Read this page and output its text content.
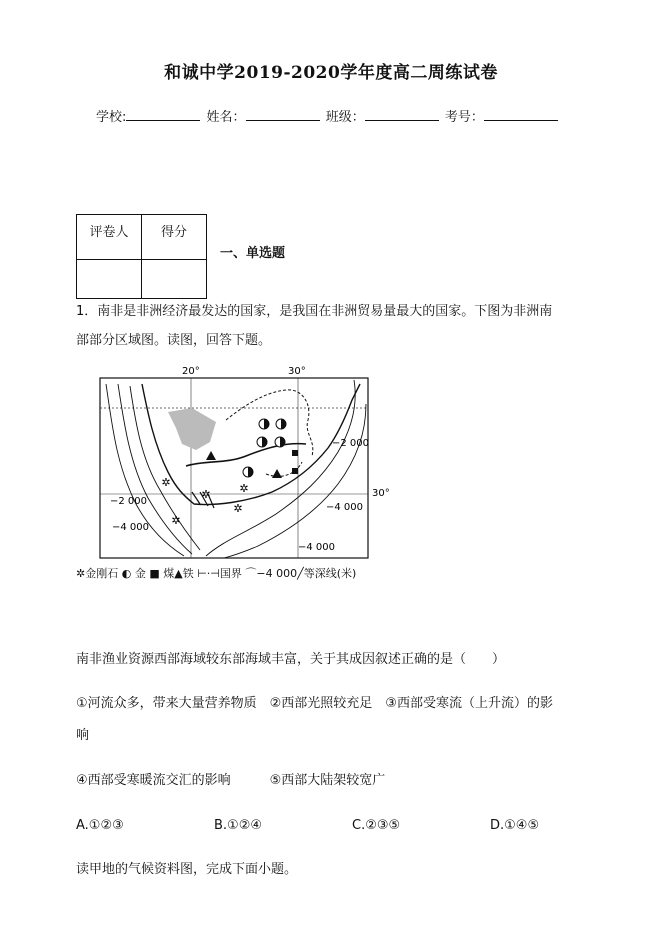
和诚中学2019-2020学年度高二周练试卷
学校:	姓名：	班级：	考号：
评卷人	得分

一、单选题
1．南非是非洲经济最发达的国家，是我国在非洲贸易量最大的国家。下图为非洲南
部部分区域图。读图，回答下题。
✲
✲	✲
✲
✲
20°	30°
30°
−2 000
−2 000
−4 000
−4 000
−4 000
✲金刚石 ◐ 金 ■ 煤▲铁 ⊢·⊣国界 ⌒−4 000╱等深线(米)
南非渔业资源西部海域较东部海域丰富，关于其成因叙述正确的是（　　）
①河流众多，带来大量营养物质　②西部光照较充足　③西部受寒流（上升流）的影
响
④西部受寒暖流交汇的影响　　　⑤西部大陆架较宽广
A.①②③	B.①②④	C.②③⑤	D.①④⑤
读甲地的气候资料图，完成下面小题。
